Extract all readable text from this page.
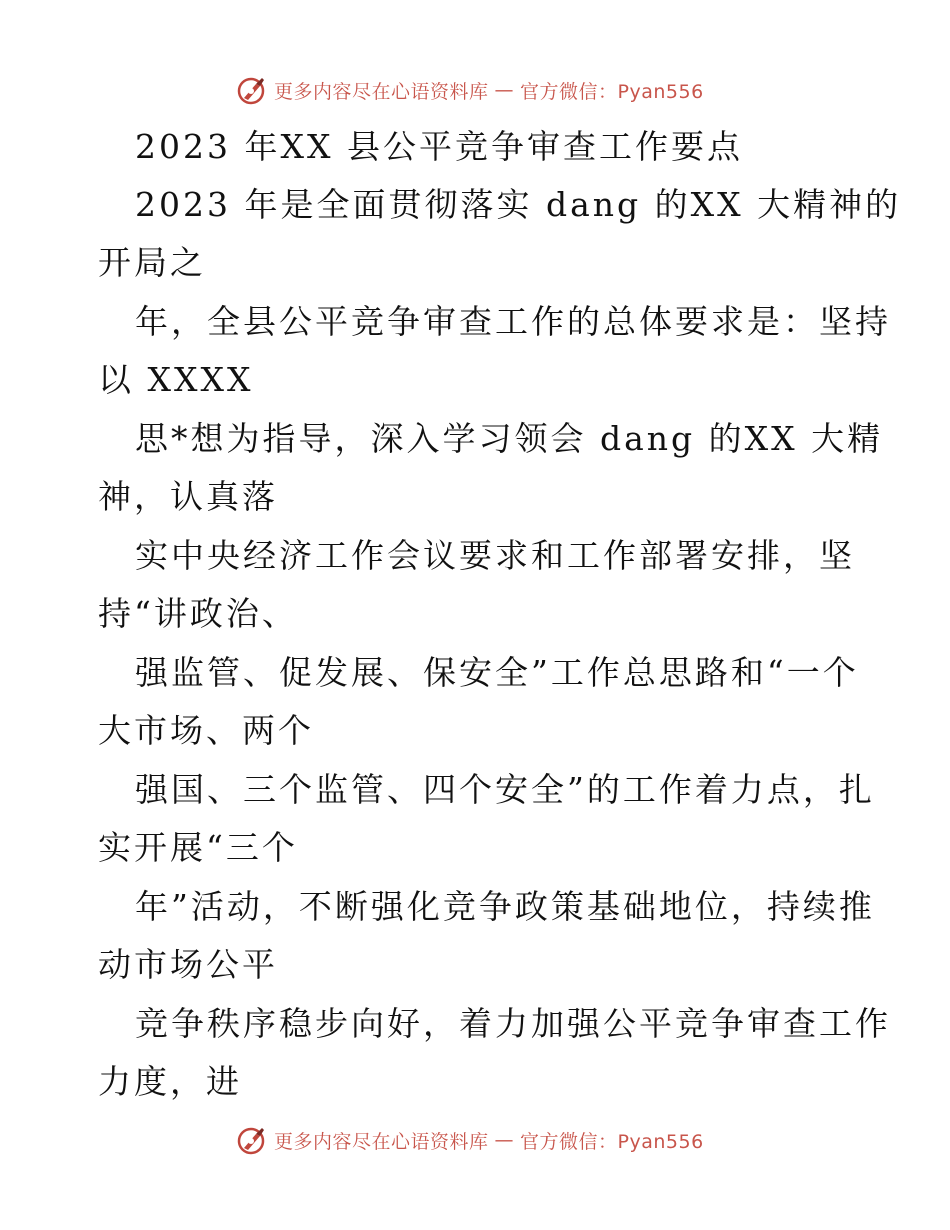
更多内容尽在心语资料库 — 官方微信：Pyan556
2023 年XX 县公平竞争审查工作要点
2023 年是全面贯彻落实 dang 的XX 大精神的
开局之
年，全县公平竞争审查工作的总体要求是：坚持
以 XXXX
思*想为指导，深入学习领会 dang 的XX 大精
神，认真落
实中央经济工作会议要求和工作部署安排，坚
持“讲政治、
强监管、促发展、保安全”工作总思路和“一个
大市场、两个
强国、三个监管、四个安全”的工作着力点，扎
实开展“三个
年”活动，不断强化竞争政策基础地位，持续推
动市场公平
竞争秩序稳步向好，着力加强公平竞争审查工作
力度，进
更多内容尽在心语资料库 — 官方微信：Pyan556
